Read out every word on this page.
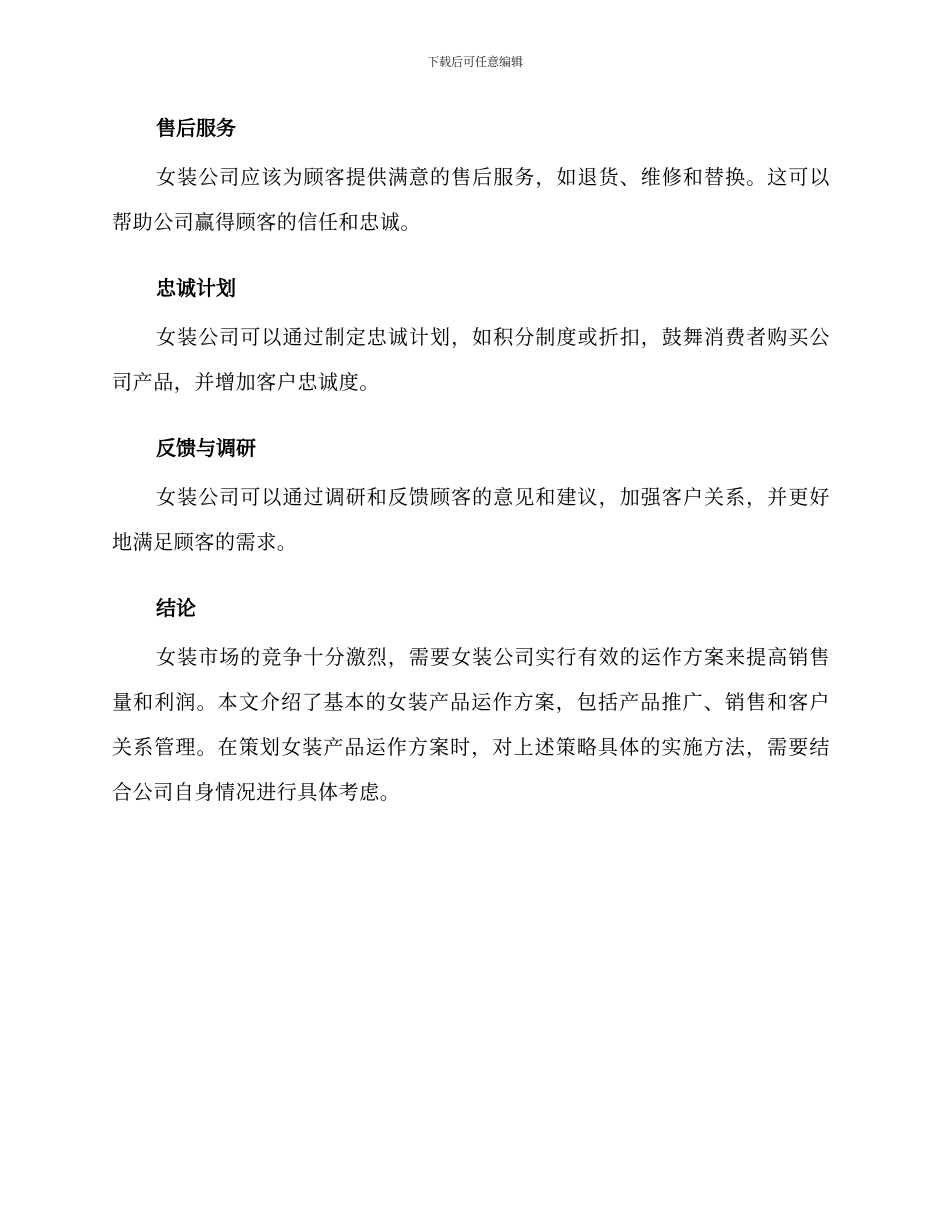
下载后可任意编辑
售后服务

女装公司应该为顾客提供满意的售后服务，如退货、维修和替换。这可以帮助公司赢得顾客的信任和忠诚。

忠诚计划

女装公司可以通过制定忠诚计划，如积分制度或折扣，鼓舞消费者购买公司产品，并增加客户忠诚度。

反馈与调研

女装公司可以通过调研和反馈顾客的意见和建议，加强客户关系，并更好地满足顾客的需求。

结论

女装市场的竞争十分激烈，需要女装公司实行有效的运作方案来提高销售量和利润。本文介绍了基本的女装产品运作方案，包括产品推广、销售和客户关系管理。在策划女装产品运作方案时，对上述策略具体的实施方法，需要结合公司自身情况进行具体考虑。
